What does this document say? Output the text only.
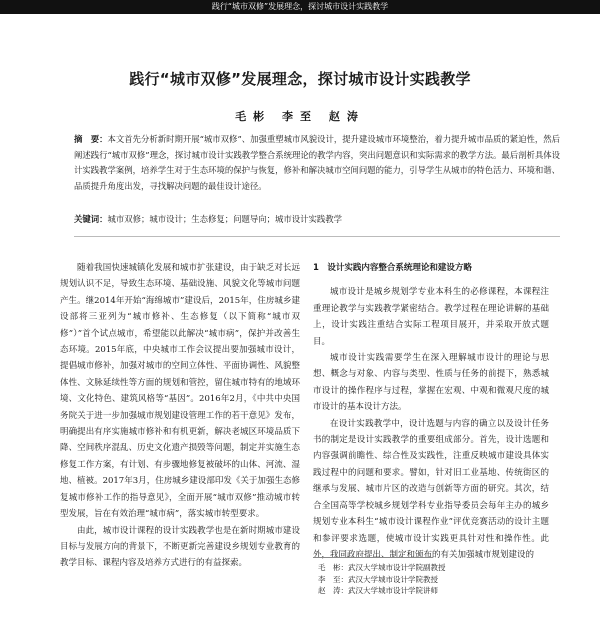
践行“城市双修”发展理念，探讨城市设计实践教学
践行“城市双修”发展理念，探讨城市设计实践教学
毛彬 李至 赵涛
摘　要：本文首先分析新时期开展“城市双修”、加强重塑城市风貌设计，提升建设城市环境整治，着力提升城市品质的紧迫性，然后阐述践行“城市双修”理念，探讨城市设计实践教学整合系统理论的教学内容，突出问题意识和实际需求的教学方法。最后剖析具体设计实践教学案例，培养学生对于生态环境的保护与恢复，修补和解决城市空间问题的能力，引导学生从城市的特色活力、环境和谐、品质提升角度出发，寻找解决问题的最佳设计途径。
关键词：城市双修；城市设计；生态修复；问题导向；城市设计实践教学

随着我国快速城镇化发展和城市扩张建设，由于缺乏对长远规划认识不足，导致生态环境、基础设施、风貌文化等城市问题产生。继2014年开始“海绵城市”建设后，2015年，住房城乡建设部将三亚列为“城市修补、生态修复（以下简称“城市双修”）”首个试点城市，希望能以此解决“城市病”，保护并改善生态环境。2015年底，中央城市工作会议提出要加强城市设计，提倡城市修补，加强对城市的空间立体性、平面协调性、风貌整体性、文脉延续性等方面的规划和管控，留住城市特有的地域环境、文化特色、建筑风格等“基因”。2016年2月，《中共中央国务院关于进一步加强城市规划建设管理工作的若干意见》发布，明确提出有序实施城市修补和有机更新，解决老城区环境品质下降、空间秩序混乱、历史文化遗产损毁等问题，制定并实施生态修复工作方案，有计划、有步骤地修复被破坏的山体、河流、湿地、植被。2017年3月，住房城乡建设部印发《关于加强生态修复城市修补工作的指导意见》，全面开展“城市双修”推动城市转型发展，旨在有效治理“城市病”，落实城市转型要求。

由此，城市设计课程的设计实践教学也是在新时期城市建设目标与发展方向的背景下，不断更新完善建设乡规划专业教育的教学目标、课程内容及培养方式进行的有益探索。

1　设计实践内容整合系统理论和建设方略

城市设计是城乡规划学专业本科生的必修课程，本课程注重理论教学与实践教学紧密结合。教学过程在理论讲解的基础上，设计实践注重结合实际工程项目展开，并采取开放式题目。

城市设计实践需要学生在深入理解城市设计的理论与思想、概念与对象、内容与类型、性质与任务的前提下，熟悉城市设计的操作程序与过程，掌握在宏观、中观和微观尺度的城市设计的基本设计方法。

在设计实践教学中，设计选题与内容的确立以及设计任务书的制定是设计实践教学的重要组成部分。首先，设计选题和内容强调前瞻性、综合性及实践性，注重反映城市建设具体实践过程中的问题和要求。譬如，针对旧工业基地、传统街区的继承与发展、城市片区的改造与创新等方面的研究。其次，结合全国高等学校城乡规划学科专业指导委员会每年主办的城乡规划专业本科生“城市设计课程作业”评优竞赛活动的设计主题和参评要求选题，使城市设计实践更具针对性和操作性。此外，我同政府提出、制定和颁布的有关加强城市规划建设的

毛　彬：武汉大学城市设计学院副教授
李　至：武汉大学城市设计学院教授
赵　涛：武汉大学城市设计学院讲师
